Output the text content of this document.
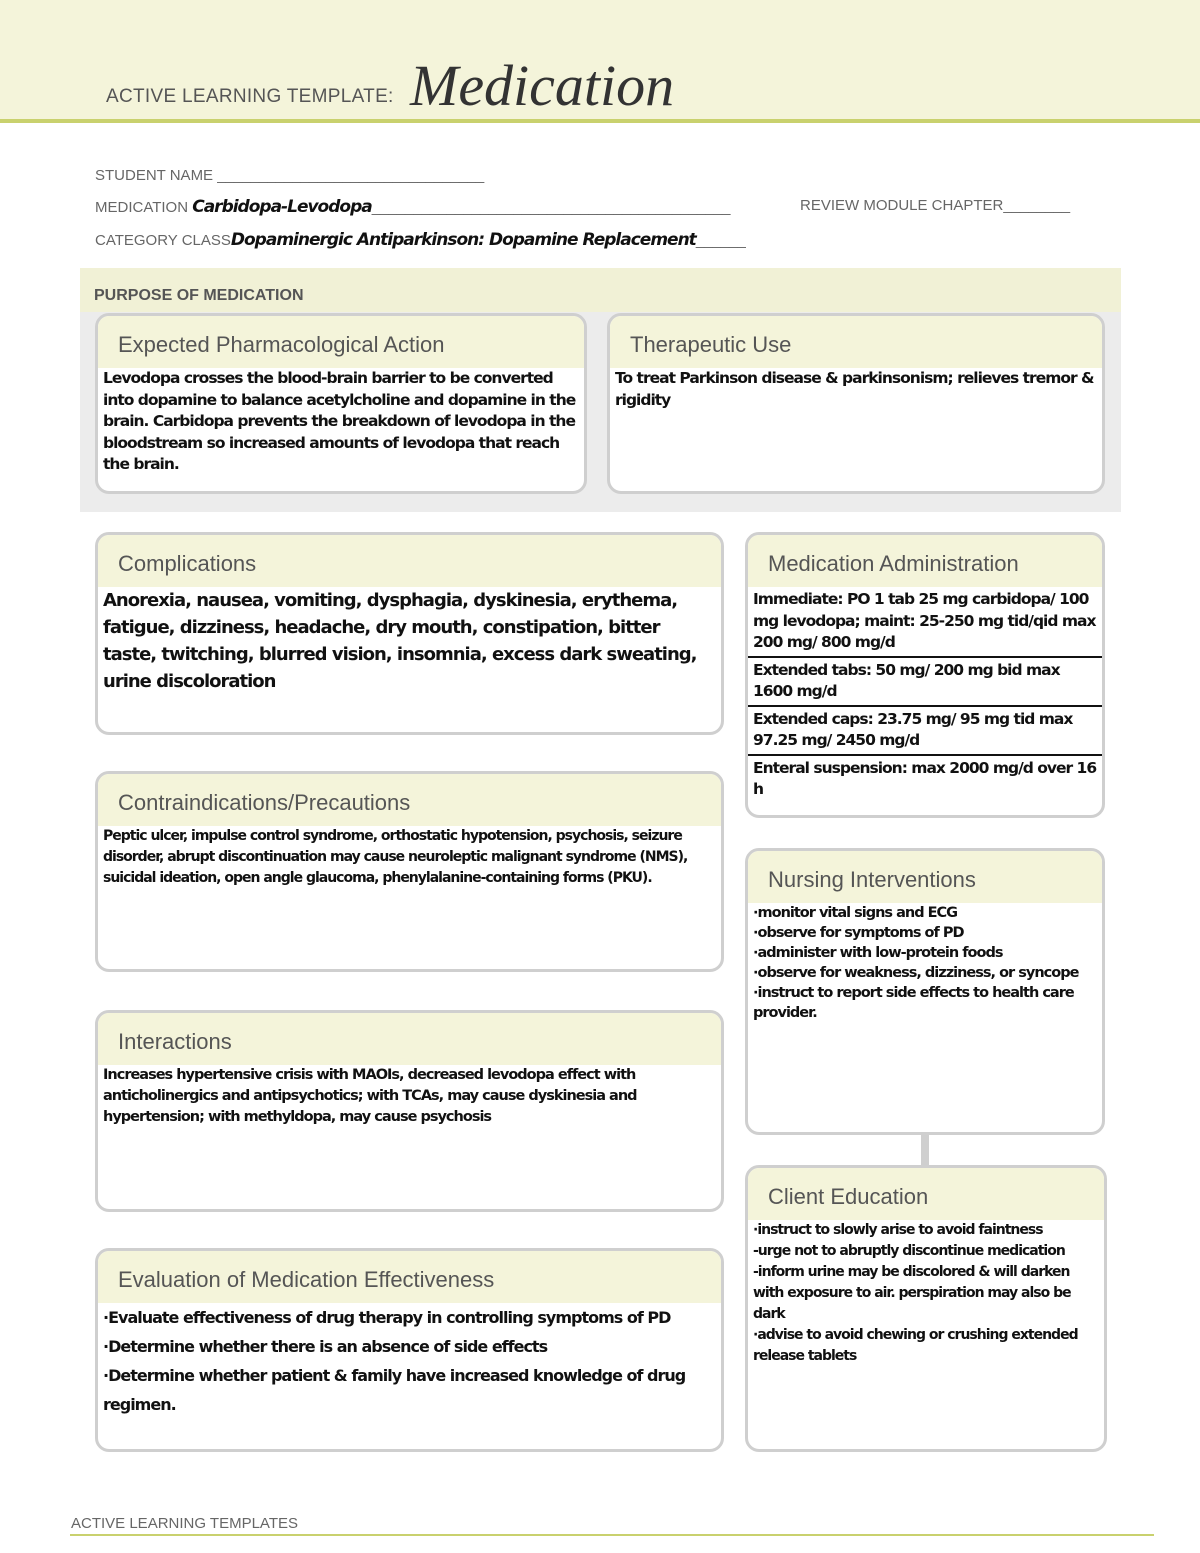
ACTIVE LEARNING TEMPLATE: Medication
STUDENT NAME ________________________________
MEDICATION Carbidopa-Levodopa___________________________________________	REVIEW MODULE CHAPTER________
CATEGORY CLASSDopaminergic Antiparkinson: Dopamine Replacement______
PURPOSE OF MEDICATION
Expected Pharmacological Action
Levodopa crosses the blood-brain barrier to be converted into dopamine to balance acetylcholine and dopamine in the brain. Carbidopa prevents the breakdown of levodopa in the bloodstream so increased amounts of levodopa that reach the brain.
Therapeutic Use
To treat Parkinson disease & parkinsonism; relieves tremor & rigidity
Complications
Anorexia, nausea, vomiting, dysphagia, dyskinesia, erythema, fatigue, dizziness, headache, dry mouth, constipation, bitter taste, twitching, blurred vision, insomnia, excess dark sweating, urine discoloration
Medication Administration
Immediate: PO 1 tab 25 mg carbidopa/ 100 mg levodopa; maint: 25-250 mg tid/qid max 200 mg/ 800 mg/d
Extended tabs: 50 mg/ 200 mg bid max 1600 mg/d
Extended caps: 23.75 mg/ 95 mg tid max 97.25 mg/ 2450 mg/d
Enteral suspension: max 2000 mg/d over 16 h
Contraindications/Precautions
Peptic ulcer, impulse control syndrome, orthostatic hypotension, psychosis, seizure disorder, abrupt discontinuation may cause neuroleptic malignant syndrome (NMS), suicidal ideation, open angle glaucoma, phenylalanine-containing forms (PKU).	Nursing Interventions
·monitor vital signs and ECG
·observe for symptoms of PD
·administer with low-protein foods
·observe for weakness, dizziness, or syncope
·instruct to report side effects to health care provider.
Interactions
Increases hypertensive crisis with MAOIs, decreased levodopa effect with anticholinergics and antipsychotics; with TCAs, may cause dyskinesia and hypertension; with methyldopa, may cause psychosis
Client Education
·instruct to slowly arise to avoid faintness
-urge not to abruptly discontinue medication
-inform urine may be discolored & will darken with exposure to air. perspiration may also be dark
·advise to avoid chewing or crushing extended release tablets
Evaluation of Medication Effectiveness
·Evaluate effectiveness of drug therapy in controlling symptoms of PD
·Determine whether there is an absence of side effects
·Determine whether patient & family have increased knowledge of drug regimen.
ACTIVE LEARNING TEMPLATES
